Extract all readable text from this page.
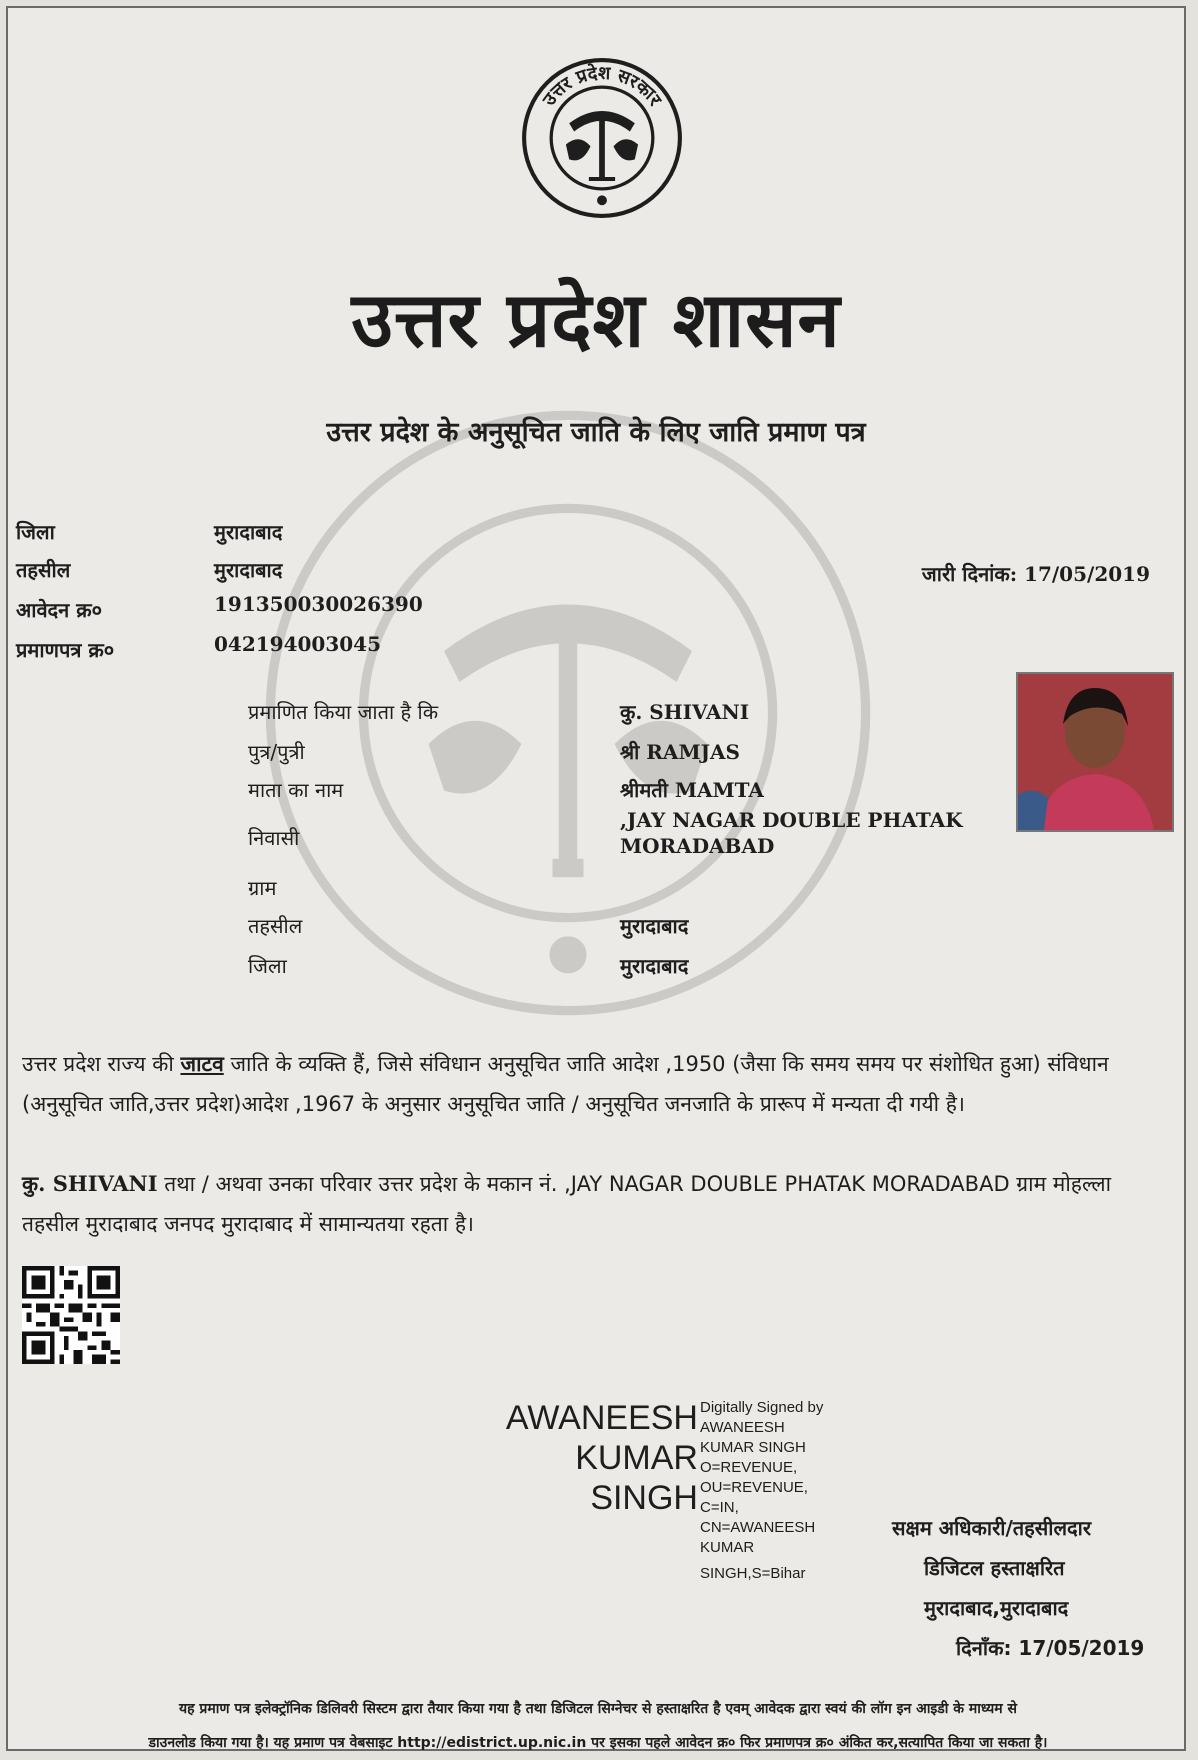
उत्तर प्रदेश सरकार
उत्तर प्रदेश शासन
उत्तर प्रदेश के अनुसूचित जाति के लिए जाति प्रमाण पत्र
जिला	मुरादाबाद
तहसील	मुरादाबाद
आवेदन क्र०	191350030026390
प्रमाणपत्र क्र०	042194003045
जारी दिनांक: 17/05/2019
प्रमाणित किया जाता है कि	कु. SHIVANI
पुत्र/पुत्री	श्री RAMJAS
माता का नाम	श्रीमती MAMTA
निवासी
,JAY NAGAR DOUBLE PHATAK
MORADABAD
ग्राम
तहसील	मुरादाबाद
जिला	मुरादाबाद
उत्तर प्रदेश राज्य की जाटव जाति के व्यक्ति हैं, जिसे संविधान अनुसूचित जाति आदेश ,1950 (जैसा कि समय समय पर संशोधित हुआ) संविधान (अनुसूचित जाति,उत्तर प्रदेश)आदेश ,1967 के अनुसार अनुसूचित जाति / अनुसूचित जनजाति के प्रारूप में मन्यता दी गयी है।
कु. SHIVANI तथा / अथवा उनका परिवार उत्तर प्रदेश के मकान नं. ,JAY NAGAR DOUBLE PHATAK MORADABAD ग्राम मोहल्ला तहसील मुरादाबाद जनपद मुरादाबाद में सामान्यतया रहता है।
AWANEESH
KUMAR
SINGH
Digitally Signed by
AWANEESH
KUMAR SINGH
O=REVENUE,
OU=REVENUE,
C=IN,
CN=AWANEESH
KUMAR
SINGH,S=Bihar
सक्षम अधिकारी/तहसीलदार
डिजिटल हस्ताक्षरित
मुरादाबाद,मुरादाबाद
दिनाँक: 17/05/2019
यह प्रमाण पत्र इलेक्ट्रॉनिक डिलिवरी सिस्टम द्वारा तैयार किया गया है तथा डिजिटल सिग्नेचर से हस्ताक्षरित है एवम् आवेदक द्वारा स्वयं की लॉग इन आइडी के माध्यम से
डाउनलोड किया गया है। यह प्रमाण पत्र वेबसाइट http://edistrict.up.nic.in पर इसका पहले आवेदन क्र० फिर प्रमाणपत्र क्र० अंकित कर,सत्यापित किया जा सकता है।
